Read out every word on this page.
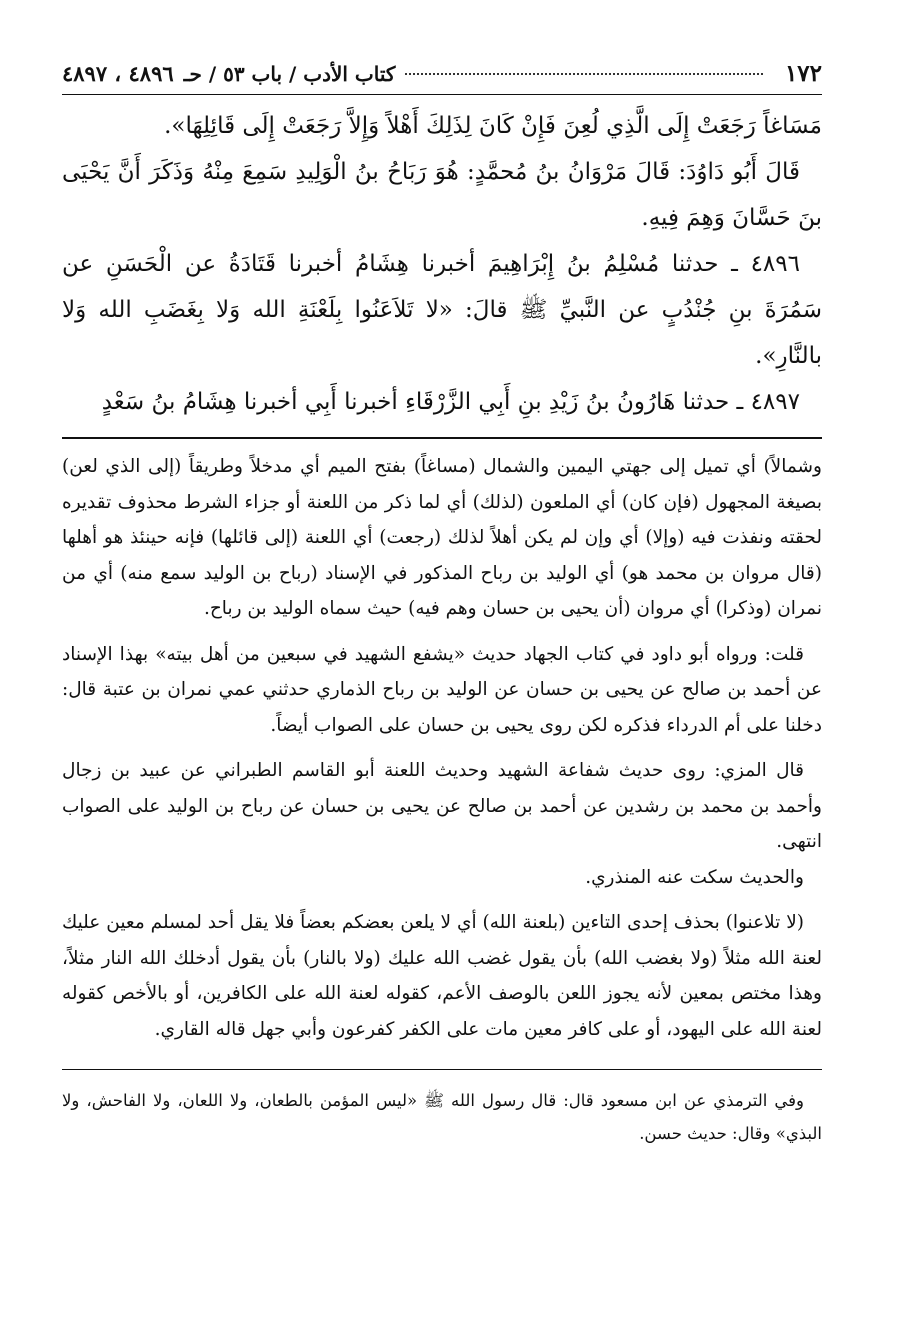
١٧٢
كتاب الأدب / باب ٥٣ / حـ
٤٨٩٦ ، ٤٨٩٧

مَسَاغاً رَجَعَتْ إِلَى الَّذِي لُعِنَ فَإِنْ كَانَ لِذَلِكَ أَهْلاً وَإِلاَّ رَجَعَتْ إِلَى قَائِلِهَا».

قَالَ أَبُو دَاوُدَ: قَالَ مَرْوَانُ بنُ مُحمَّدٍ: هُوَ رَبَاحُ بنُ الْوَلِيدِ سَمِعَ مِنْهُ وَذَكَرَ أَنَّ يَحْيَى بنَ حَسَّانَ وَهِمَ فِيهِ.

٤٨٩٦ ـ حدثنا مُسْلِمُ بنُ إِبْرَاهِيمَ أخبرنا هِشَامُ أخبرنا قَتَادَةُ عن الْحَسَنِ عن سَمُرَةَ بنِ جُنْدُبٍ عن النَّبيِّ ﷺ قالَ: «لا تَلاَعَنُوا بِلَعْنَةِ الله وَلا بِغَضَبِ الله وَلا بالنَّارِ».

٤٨٩٧ ـ حدثنا هَارُونُ بنُ زَيْدِ بنِ أَبِي الزَّرْقَاءِ أخبرنا أَبِي أخبرنا هِشَامُ بنُ سَعْدٍ

وشمالاً) أي تميل إلى جهتي اليمين والشمال (مساغاً) بفتح الميم أي مدخلاً وطريقاً (إلى الذي لعن) بصيغة المجهول (فإن كان) أي الملعون (لذلك) أي لما ذكر من اللعنة أو جزاء الشرط محذوف تقديره لحقته ونفذت فيه (وإلا) أي وإن لم يكن أهلاً لذلك (رجعت) أي اللعنة (إلى قائلها) فإنه حينئذ هو أهلها (قال مروان بن محمد هو) أي الوليد بن رباح المذكور في الإسناد (رباح بن الوليد سمع منه) أي من نمران (وذكرا) أي مروان (أن يحيى بن حسان وهم فيه) حيث سماه الوليد بن رباح.

قلت: ورواه أبو داود في كتاب الجهاد حديث «يشفع الشهيد في سبعين من أهل بيته» بهذا الإسناد عن أحمد بن صالح عن يحيى بن حسان عن الوليد بن رباح الذماري حدثني عمي نمران بن عتبة قال: دخلنا على أم الدرداء فذكره لكن روى يحيى بن حسان على الصواب أيضاً.

قال المزي: روى حديث شفاعة الشهيد وحديث اللعنة أبو القاسم الطبراني عن عبيد بن زجال وأحمد بن محمد بن رشدين عن أحمد بن صالح عن يحيى بن حسان عن رباح بن الوليد على الصواب انتهى.

والحديث سكت عنه المنذري.

(لا تلاعنوا) بحذف إحدى التاءين (بلعنة الله) أي لا يلعن بعضكم بعضاً فلا يقل أحد لمسلم معين عليك لعنة الله مثلاً (ولا بغضب الله) بأن يقول غضب الله عليك (ولا بالنار) بأن يقول أدخلك الله النار مثلاً، وهذا مختص بمعين لأنه يجوز اللعن بالوصف الأعم، كقوله لعنة الله على الكافرين، أو بالأخص كقوله لعنة الله على اليهود، أو على كافر معين مات على الكفر كفرعون وأبي جهل قاله القاري.

وفي الترمذي عن ابن مسعود قال: قال رسول الله ﷺ «ليس المؤمن بالطعان، ولا اللعان، ولا الفاحش، ولا البذي» وقال: حديث حسن.
